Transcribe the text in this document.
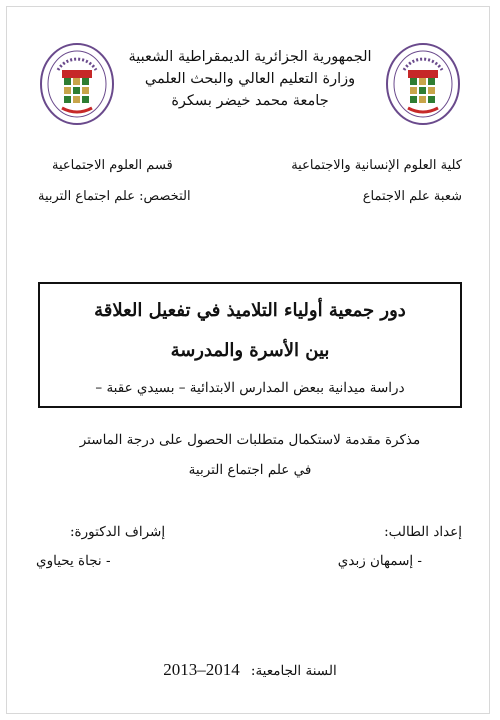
الجمهورية الجزائرية الديمقراطية الشعبية
وزارة التعليم العالي والبحث العلمي
جامعة محمد خيضر بسكرة
كلية العلوم الإنسانية والاجتماعية
قسم العلوم الاجتماعية
شعبة علم الاجتماع
التخصص: علم اجتماع التربية
دور جمعية أولياء التلاميذ في تفعيل العلاقة
بين الأسرة والمدرسة
دراسة ميدانية ببعض المدارس الابتدائية – بسيدي عقبة –
مذكرة مقدمة لاستكمال متطلبات الحصول على درجة الماستر
في علم اجتماع التربية
إعداد الطالب:
إشراف الدكتورة:
- إسمهان زبدي
- نجاة يحياوي
السنة الجامعية: 2014–2013
